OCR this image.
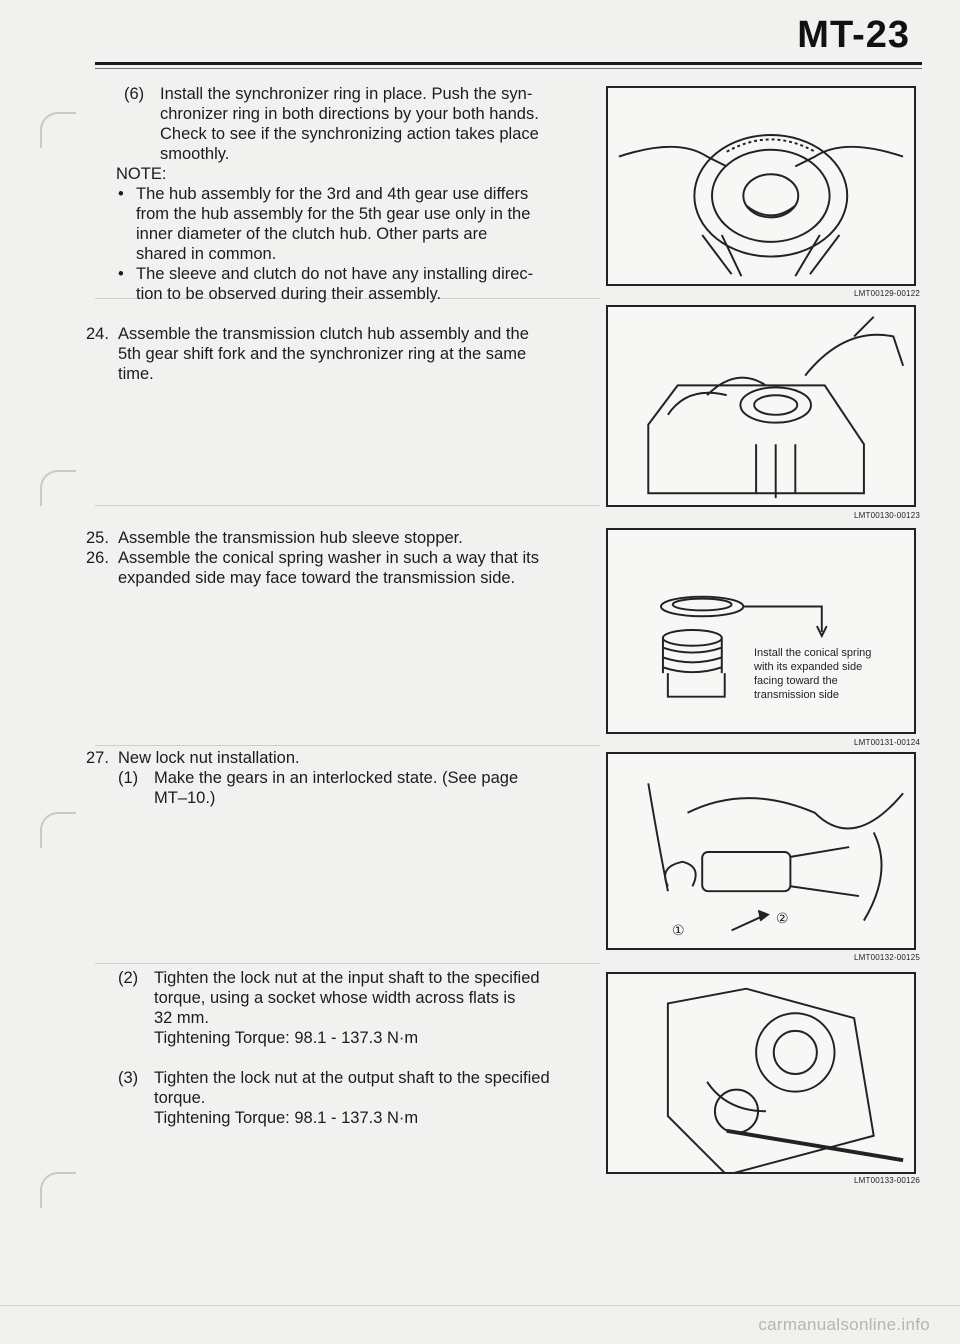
MT-23
(6) Install the synchronizer ring in place. Push the syn-

chronizer ring in both directions by your both hands.

Check to see if the synchronizing action takes place

smoothly.

NOTE:

• The hub assembly for the 3rd and 4th gear use differs

from the hub assembly for the 5th gear use only in the

inner diameter of the clutch hub. Other parts are

shared in common.

• The sleeve and clutch do not have any installing direc-

tion to be observed during their assembly.

24. Assemble the transmission clutch hub assembly and the

5th gear shift fork and the synchronizer ring at the same

time.

25. Assemble the transmission hub sleeve stopper.

26. Assemble the conical spring washer in such a way that its

expanded side may face toward the transmission side.

27. New lock nut installation.

(1) Make the gears in an interlocked state. (See page

MT–10.)

(2) Tighten the lock nut at the input shaft to the specified

torque, using a socket whose width across flats is

32 mm.

Tightening Torque: 98.1 - 137.3 N·m

(3) Tighten the lock nut at the output shaft to the specified

torque.

Tightening Torque: 98.1 - 137.3 N·m

LMT00129-00122
LMT00130-00123
Install the conical spring
with its expanded side
facing toward the
transmission side
LMT00131-00124
①
②
LMT00132-00125
LMT00133-00126
carmanualsonline.info
